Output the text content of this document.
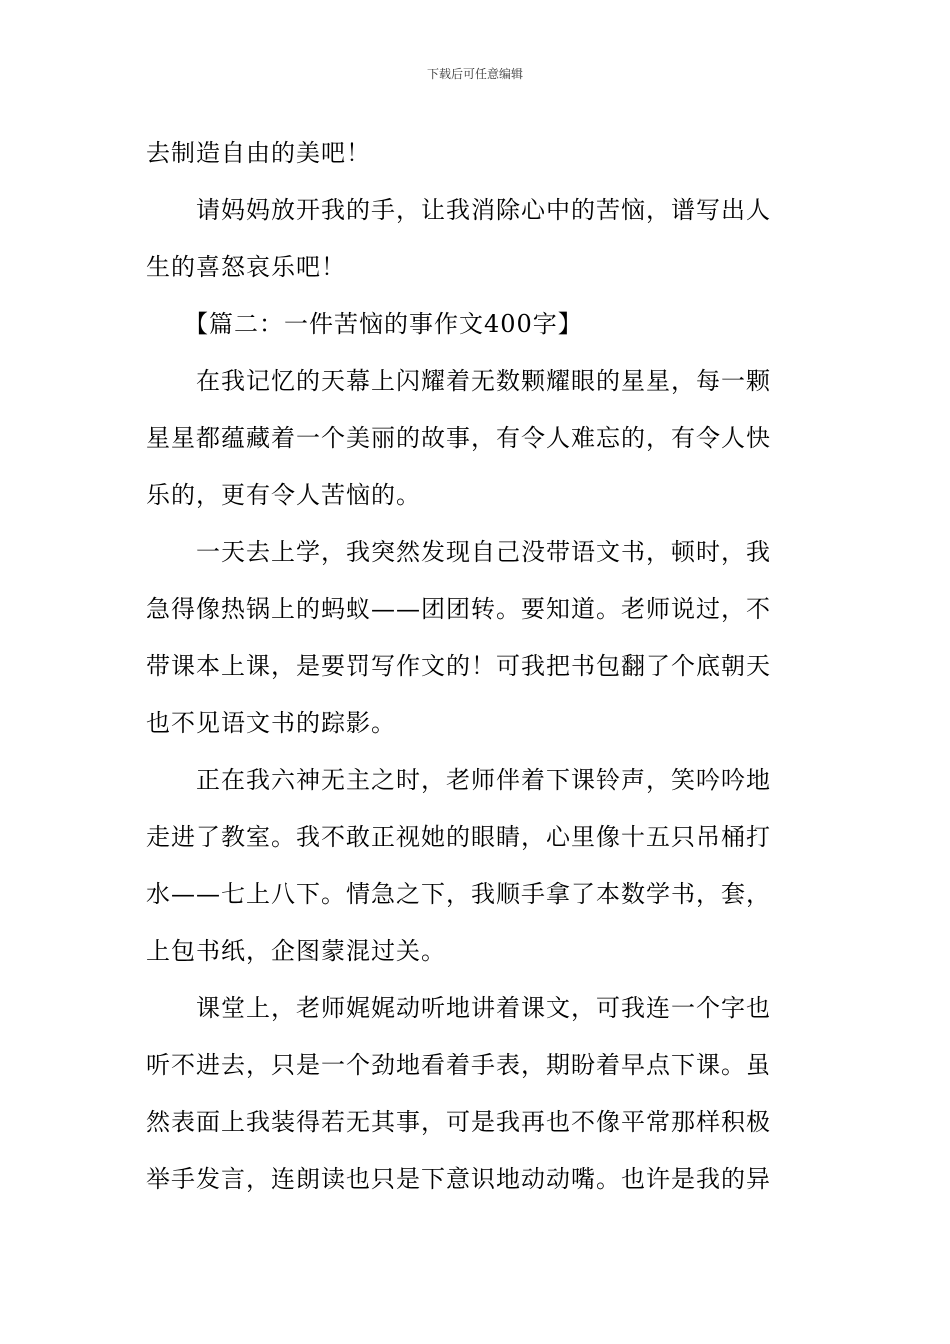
下载后可任意编辑

去制造自由的美吧！

　　请妈妈放开我的手，让我消除心中的苦恼，谱写出人

生的喜怒哀乐吧！

　　【篇二：一件苦恼的事作文400字】

　　在我记忆的天幕上闪耀着无数颗耀眼的星星，每一颗

星星都蕴藏着一个美丽的故事，有令人难忘的，有令人快

乐的，更有令人苦恼的。

　　一天去上学，我突然发现自己没带语文书，顿时，我

急得像热锅上的蚂蚁——团团转。要知道。老师说过，不

带课本上课，是要罚写作文的！可我把书包翻了个底朝天

也不见语文书的踪影。

　　正在我六神无主之时，老师伴着下课铃声，笑吟吟地

走进了教室。我不敢正视她的眼睛，心里像十五只吊桶打

水——七上八下。情急之下，我顺手拿了本数学书，套，

上包书纸，企图蒙混过关。

　　课堂上，老师娓娓动听地讲着课文，可我连一个字也

听不进去，只是一个劲地看着手表，期盼着早点下课。虽

然表面上我装得若无其事，可是我再也不像平常那样积极

举手发言，连朗读也只是下意识地动动嘴。也许是我的异
